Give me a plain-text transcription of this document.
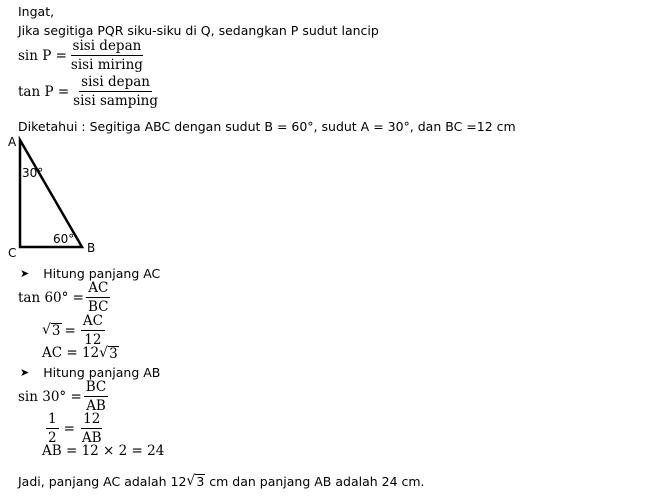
Ingat,
Jika segitiga PQR siku-siku di Q, sedangkan P sudut lancip
$\sin P = \frac{\text{sisi depan}}{\text{sisi miring}}$
$\tan P = \frac{\text{sisi depan}}{\text{sisi samping}}$
Diketahui : Segitiga ABC dengan sudut B = 60°, sudut A = 30°, dan BC =12 cm
A
B
C
30°
60°
➤ Hitung panjang AC
$\tan 60^\circ = \frac{AC}{BC}$
√ $3 = \frac{AC}{12}$
AC = 12 √ 3
➤ Hitung panjang AB
$\sin 30^\circ = \frac{BC}{AB}$
$\frac{1}{2} = \frac{12}{AB}$
AB = 12 × 2 = 24
Jadi, panjang AC adalah 12 √ 3 cm dan panjang AB adalah 24 cm.
